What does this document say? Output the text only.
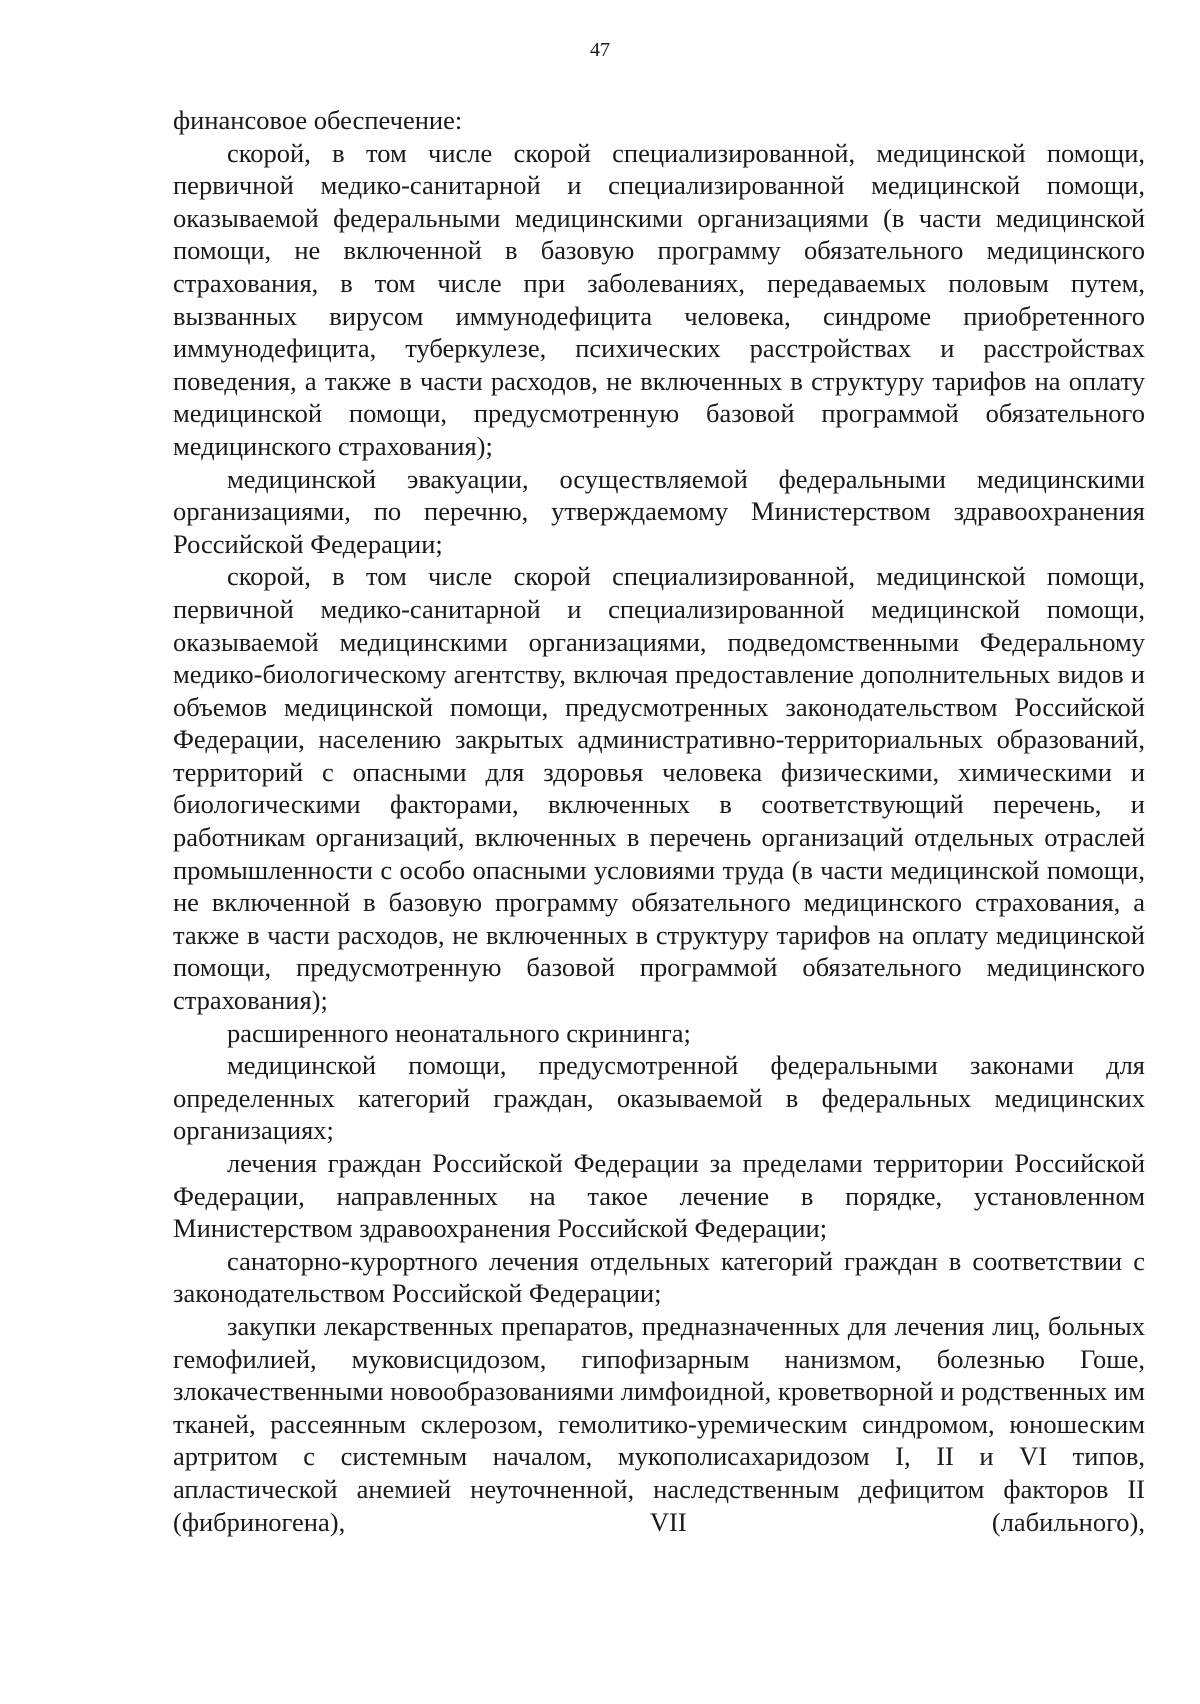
47

финансовое обеспечение:

скорой, в том числе скорой специализированной, медицинской помощи, первичной медико-санитарной и специализированной медицинской помощи, оказываемой федеральными медицинскими организациями (в части медицинской помощи, не включенной в базовую программу обязательного медицинского страхования, в том числе при заболеваниях, передаваемых половым путем, вызванных вирусом иммунодефицита человека, синдроме приобретенного иммунодефицита, туберкулезе, психических расстройствах и расстройствах поведения, а также в части расходов, не включенных в структуру тарифов на оплату медицинской помощи, предусмотренную базовой программой обязательного медицинского страхования);

медицинской эвакуации, осуществляемой федеральными медицинскими организациями, по перечню, утверждаемому Министерством здравоохранения Российской Федерации;

скорой, в том числе скорой специализированной, медицинской помощи, первичной медико-санитарной и специализированной медицинской помощи, оказываемой медицинскими организациями, подведомственными Федеральному медико-биологическому агентству, включая предоставление дополнительных видов и объемов медицинской помощи, предусмотренных законодательством Российской Федерации, населению закрытых административно-территориальных образований, территорий с опасными для здоровья человека физическими, химическими и биологическими факторами, включенных в соответствующий перечень, и работникам организаций, включенных в перечень организаций отдельных отраслей промышленности с особо опасными условиями труда (в части медицинской помощи, не включенной в базовую программу обязательного медицинского страхования, а также в части расходов, не включенных в структуру тарифов на оплату медицинской помощи, предусмотренную базовой программой обязательного медицинского страхования);

расширенного неонатального скрининга;

медицинской помощи, предусмотренной федеральными законами для определенных категорий граждан, оказываемой в федеральных медицинских организациях;

лечения граждан Российской Федерации за пределами территории Российской Федерации, направленных на такое лечение в порядке, установленном Министерством здравоохранения Российской Федерации;

санаторно-курортного лечения отдельных категорий граждан в соответствии с законодательством Российской Федерации;

закупки лекарственных препаратов, предназначенных для лечения лиц, больных гемофилией, муковисцидозом, гипофизарным нанизмом, болезнью Гоше, злокачественными новообразованиями лимфоидной, кроветворной и родственных им тканей, рассеянным склерозом, гемолитико-уремическим синдромом, юношеским артритом с системным началом, мукополисахаридозом I, II и VI типов, апластической анемией неуточненной, наследственным дефицитом факторов II (фибриногена), VII (лабильного),
